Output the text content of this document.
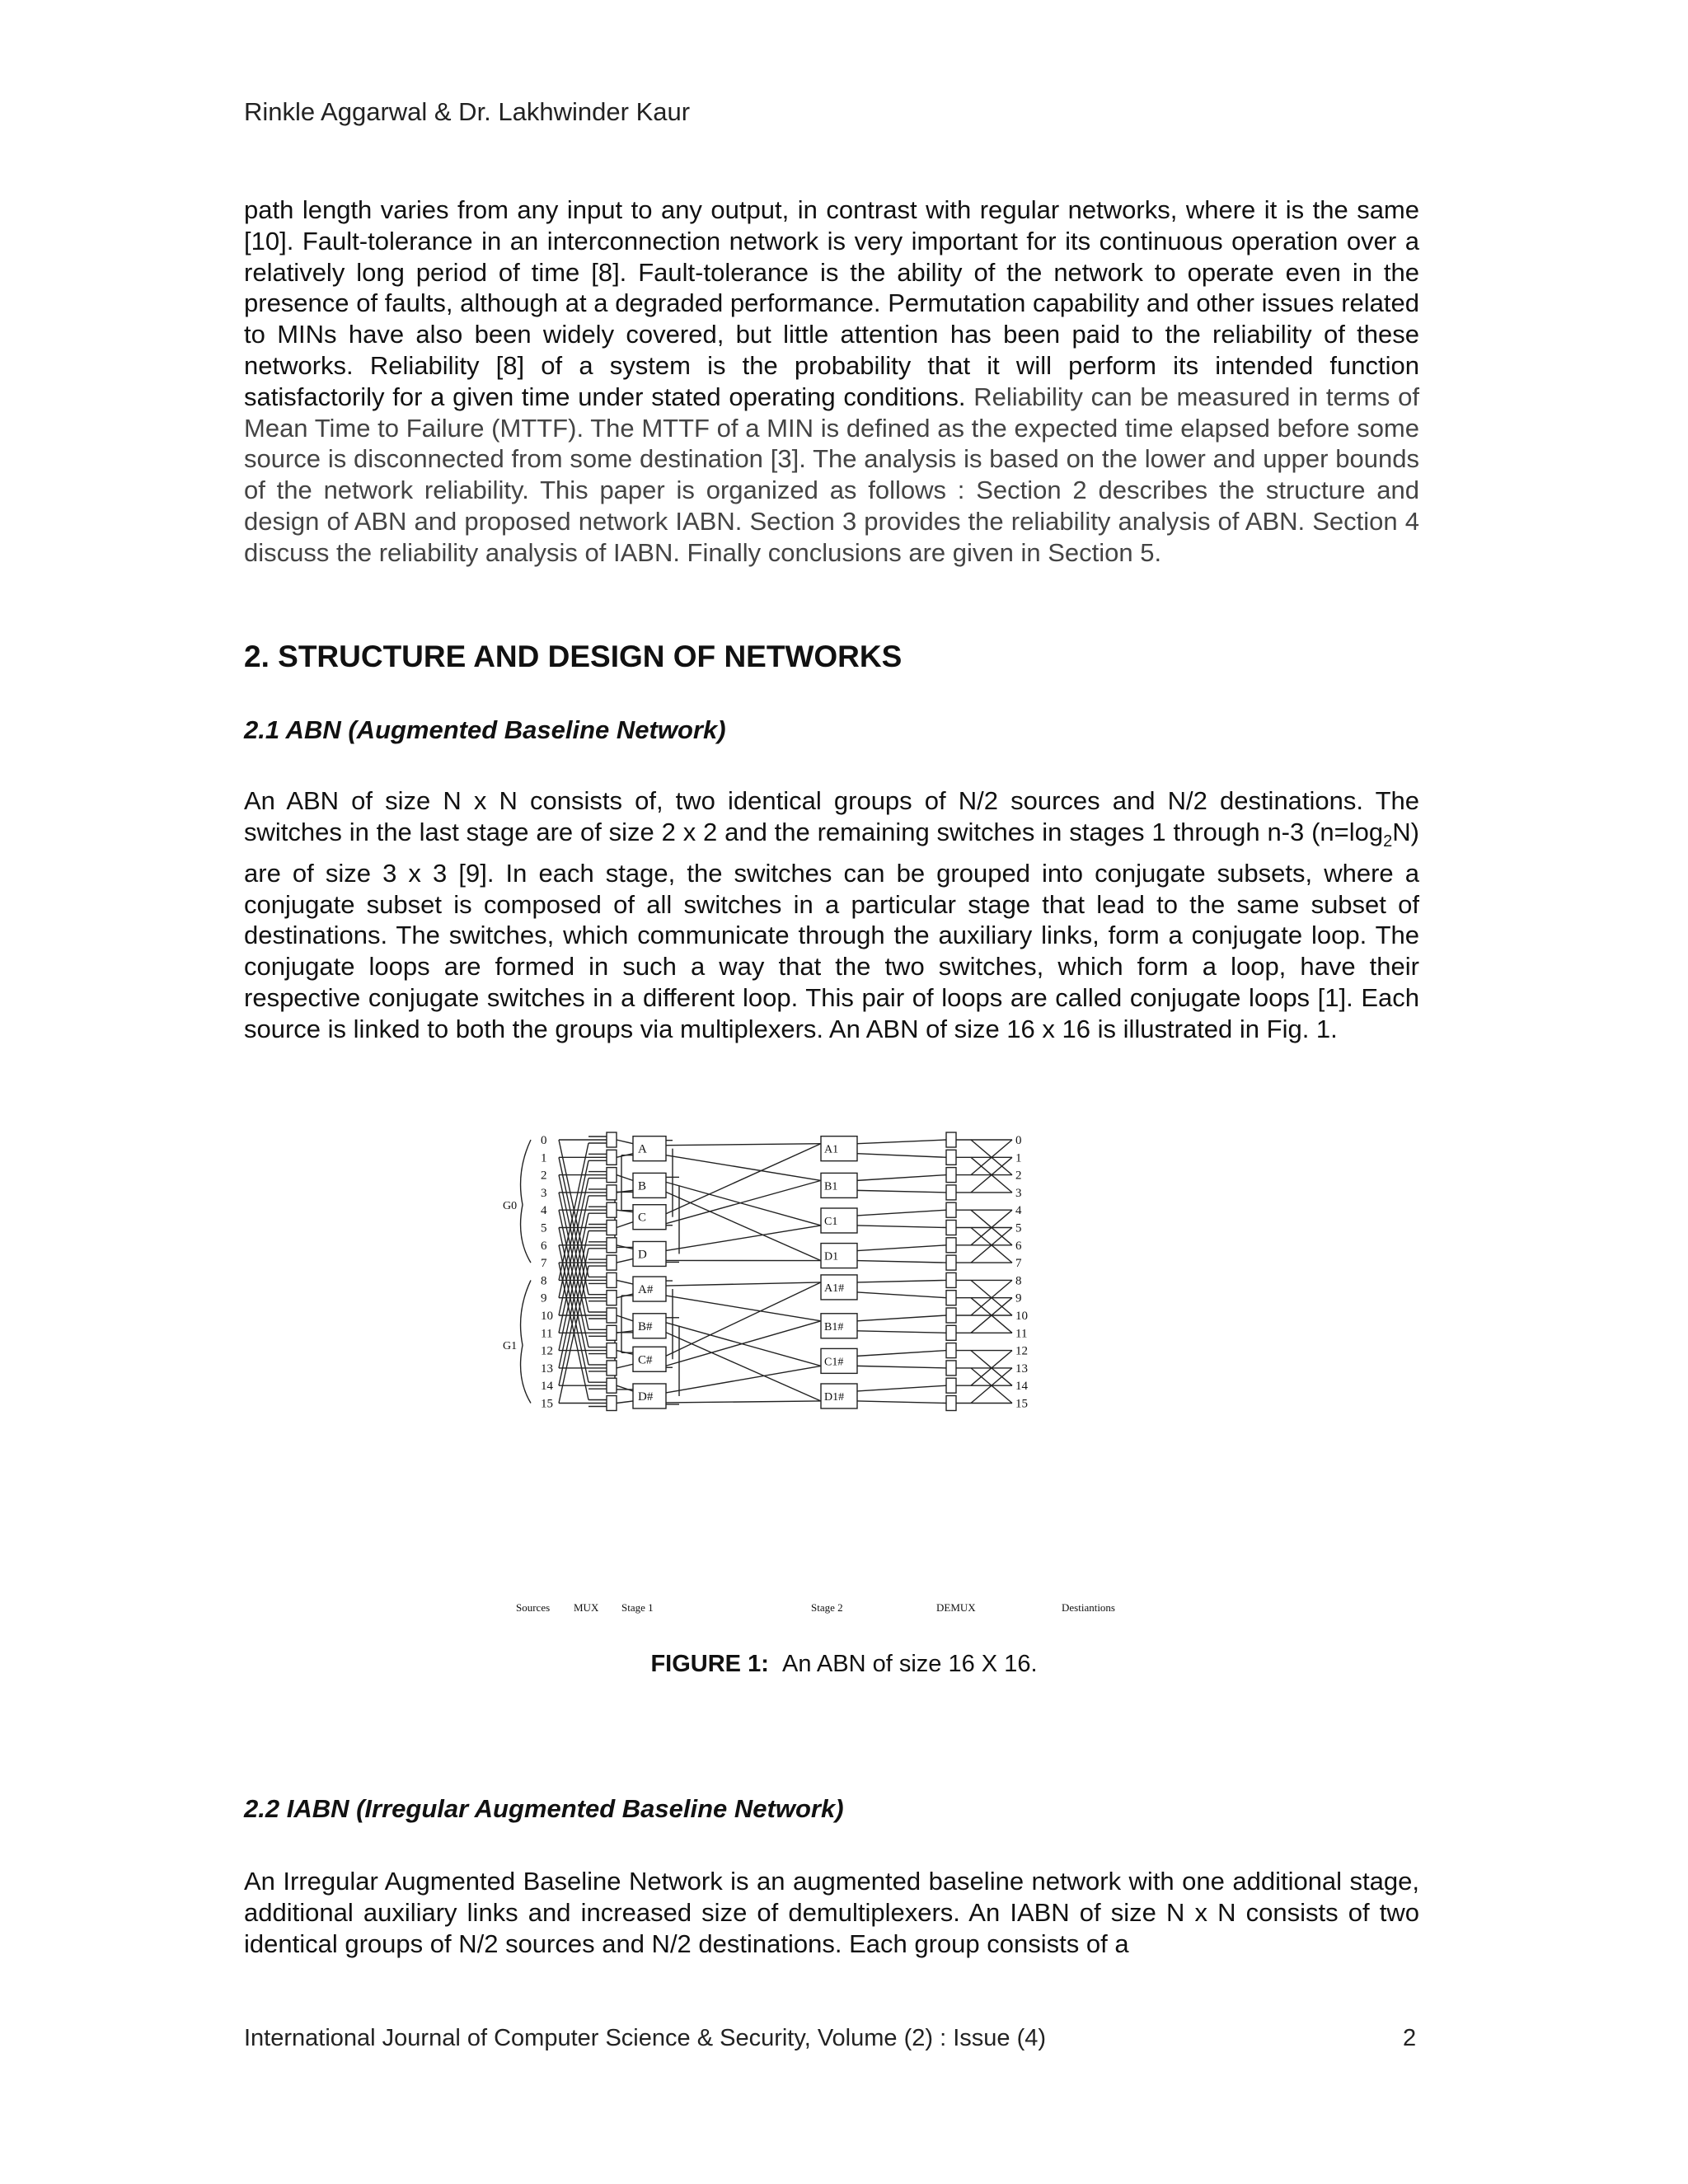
Rinkle Aggarwal & Dr. Lakhwinder Kaur

path length varies from any input to any output, in contrast with regular networks, where it is the same [10]. Fault-tolerance in an interconnection network is very important for its continuous operation over a relatively long period of time [8]. Fault-tolerance is the ability of the network to operate even in the presence of faults, although at a degraded performance. Permutation capability and other issues related to MINs have also been widely covered, but little attention has been paid to the reliability of these networks. Reliability [8] of a system is the probability that it will perform its intended function satisfactorily for a given time under stated operating conditions. Reliability can be measured in terms of Mean Time to Failure (MTTF). The MTTF of a MIN is defined as the expected time elapsed before some source is disconnected from some destination [3]. The analysis is based on the lower and upper bounds of the network reliability. This paper is organized as follows : Section 2 describes the structure and design of ABN and proposed network IABN. Section 3 provides the reliability analysis of ABN. Section 4 discuss the reliability analysis of IABN. Finally conclusions are given in Section 5.

2. STRUCTURE AND DESIGN OF NETWORKS
2.1 ABN (Augmented Baseline Network)

An ABN of size N x N consists of, two identical groups of N/2 sources and N/2 destinations. The switches in the last stage are of size 2 x 2 and the remaining switches in stages 1 through n-3 $(n=\log_2N)$ are of size 3 x 3 [9]. In each stage, the switches can be grouped into conjugate subsets, where a conjugate subset is composed of all switches in a particular stage that lead to the same subset of destinations. The switches, which communicate through the auxiliary links, form a conjugate loop. The conjugate loops are formed in such a way that the two switches, which form a loop, have their respective conjugate switches in a different loop. This pair of loops are called conjugate loops [1]. Each source is linked to both the groups via multiplexers. An ABN of size 16 x 16 is illustrated in Fig. 1.

0
1
2
3
4
5
6
7
8
9
10
11
12
13
14
15
G0
G1
A
B
C
D
A#
B#
C#
D#
A1
B1
C1
D1
A1#
B1#
C1#
D1#
0
1
2
3
4
5
6
7
8
9
10
11
12
13
14
15
Sources MUX Stage 1	Stage 2	DEMUX	Destiantions
FIGURE 1: An ABN of size 16 X 16.
2.2 IABN (Irregular Augmented Baseline Network)

An Irregular Augmented Baseline Network is an augmented baseline network with one additional stage, additional auxiliary links and increased size of demultiplexers. An IABN of size N x N consists of two identical groups of N/2 sources and N/2 destinations. Each group consists of a

International Journal of Computer Science & Security, Volume (2) : Issue (4)	2
